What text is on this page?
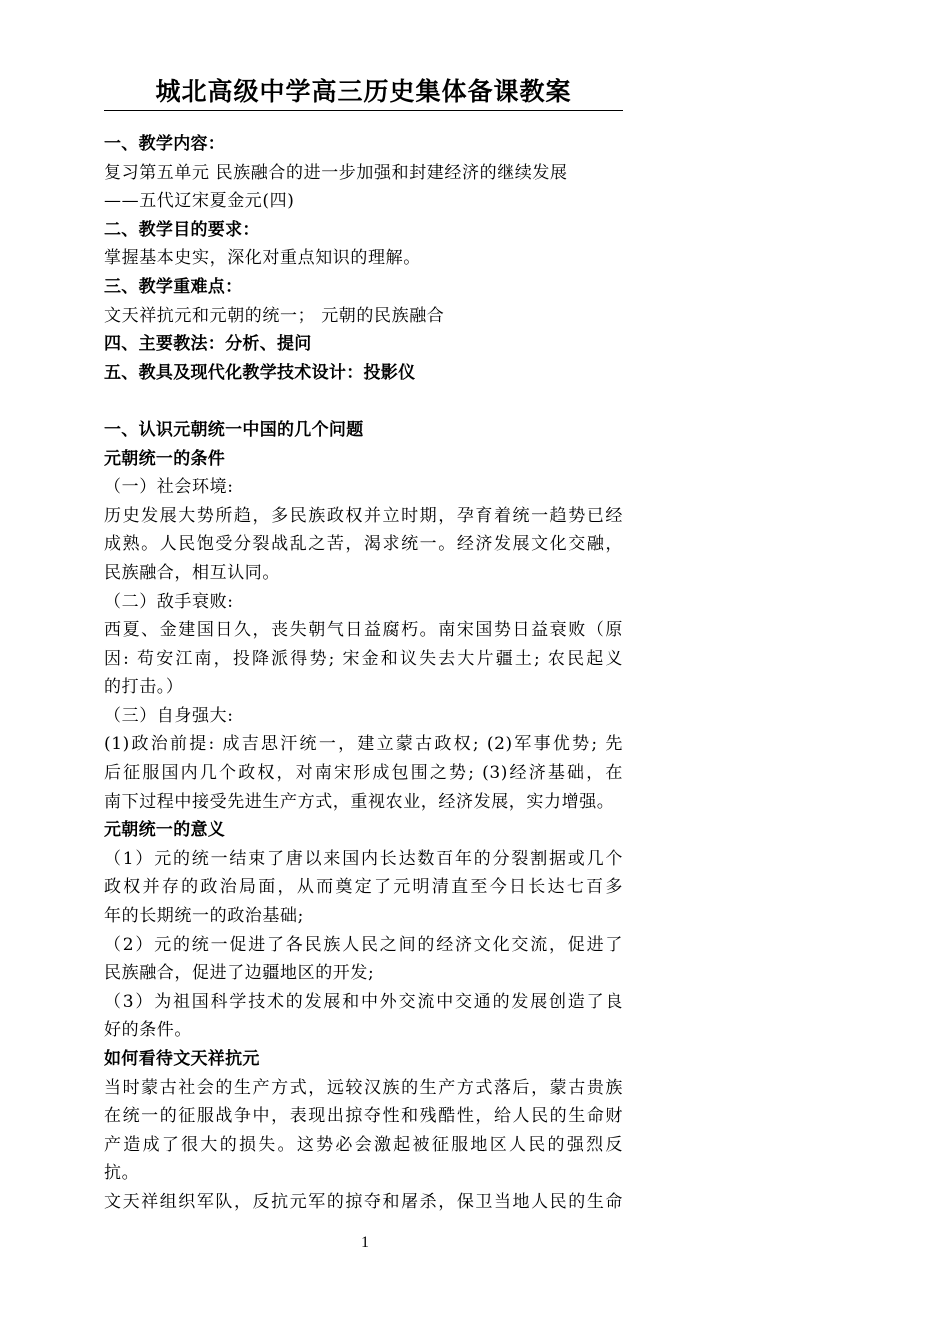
城北高级中学高三历史集体备课教案
一、教学内容：
复习第五单元 民族融合的进一步加强和封建经济的继续发展
——五代辽宋夏金元(四)
二、教学目的要求：
掌握基本史实，深化对重点知识的理解。
三、教学重难点：
文天祥抗元和元朝的统一； 元朝的民族融合
四、主要教法：分析、提问
五、教具及现代化教学技术设计：投影仪
一、认识元朝统一中国的几个问题
元朝统一的条件
（一）社会环境:
历史发展大势所趋，多民族政权并立时期，孕育着统一趋势已经
成熟。人民饱受分裂战乱之苦，渴求统一。经济发展文化交融，
民族融合，相互认同。
（二）敌手衰败:
西夏、金建国日久，丧失朝气日益腐朽。南宋国势日益衰败（原
因: 苟安江南，投降派得势; 宋金和议失去大片疆土; 农民起义
的打击。）
（三）自身强大:
(1)政治前提: 成吉思汗统一，建立蒙古政权; (2)军事优势; 先
后征服国内几个政权，对南宋形成包围之势; (3)经济基础，在
南下过程中接受先进生产方式，重视农业，经济发展，实力增强。
元朝统一的意义
（1）元的统一结束了唐以来国内长达数百年的分裂割据或几个
政权并存的政治局面，从而奠定了元明清直至今日长达七百多
年的长期统一的政治基础;
（2）元的统一促进了各民族人民之间的经济文化交流，促进了
民族融合，促进了边疆地区的开发;
（3）为祖国科学技术的发展和中外交流中交通的发展创造了良
好的条件。
如何看待文天祥抗元
当时蒙古社会的生产方式，远较汉族的生产方式落后，蒙古贵族
在统一的征服战争中，表现出掠夺性和残酷性，给人民的生命财
产造成了很大的损失。这势必会激起被征服地区人民的强烈反
抗。
文天祥组织军队，反抗元军的掠夺和屠杀，保卫当地人民的生命
1
